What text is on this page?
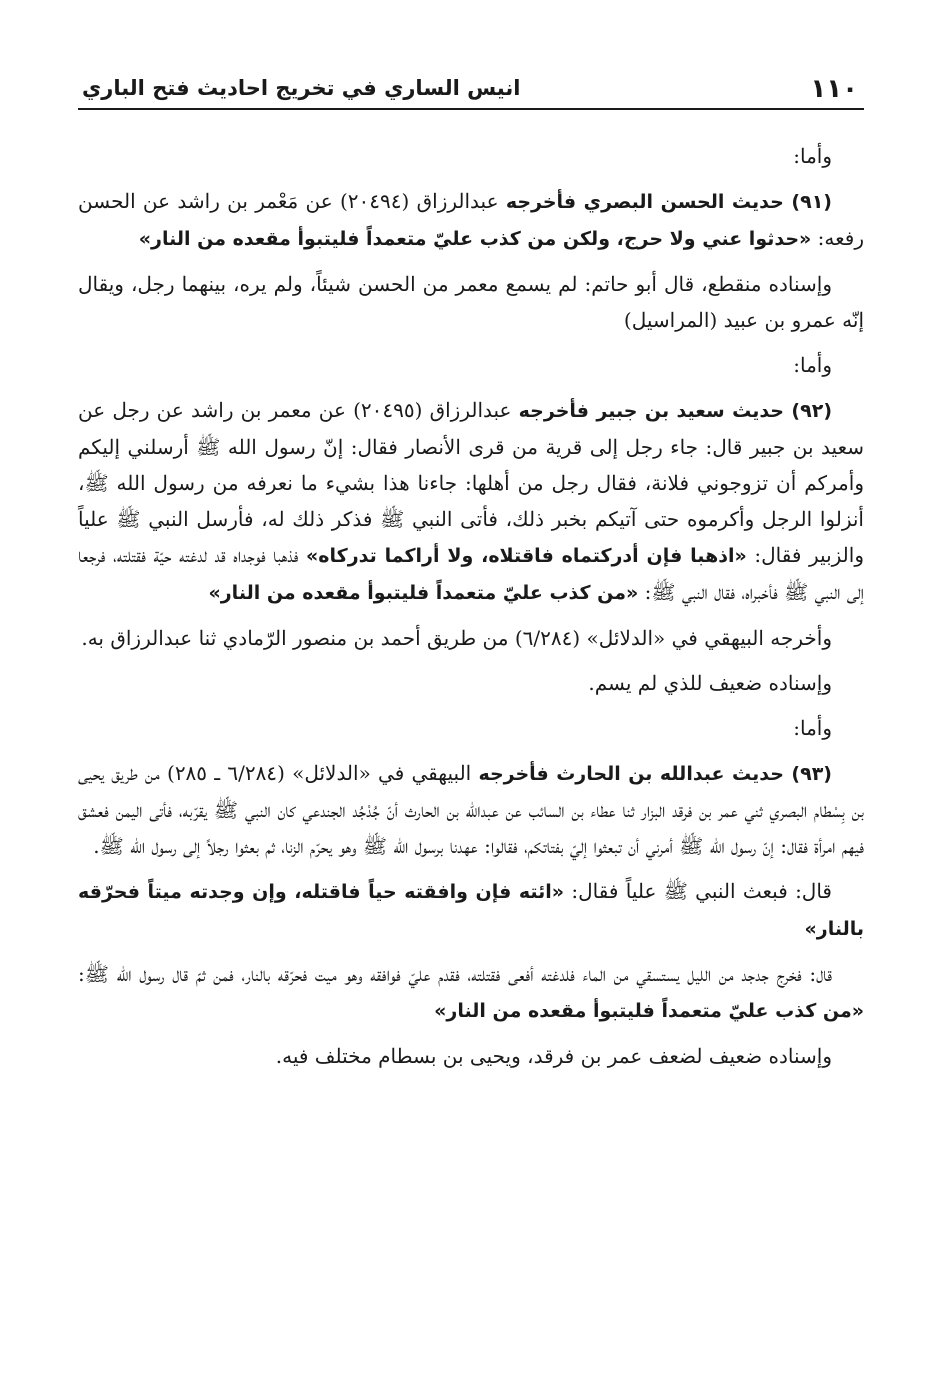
١١٠
انيس الساري في تخريج احاديث فتح الباري

وأما:

(٩١) حديث الحسن البصري فأخرجه عبدالرزاق (٢٠٤٩٤) عن مَعْمر بن راشد عن الحسن رفعه: «حدثوا عني ولا حرج، ولكن من كذب عليّ متعمداً فليتبوأ مقعده من النار»

وإسناده منقطع، قال أبو حاتم: لم يسمع معمر من الحسن شيئاً، ولم يره، بينهما رجل، ويقال إنّه عمرو بن عبيد (المراسيل)

وأما:

(٩٢) حديث سعيد بن جبير فأخرجه عبدالرزاق (٢٠٤٩٥) عن معمر بن راشد عن رجل عن سعيد بن جبير قال: جاء رجل إلى قرية من قرى الأنصار فقال: إنّ رسول الله ﷺ أرسلني إليكم وأمركم أن تزوجوني فلانة، فقال رجل من أهلها: جاءنا هذا بشيء ما نعرفه من رسول الله ﷺ، أنزلوا الرجل وأكرموه حتى آتيكم بخبر ذلك، فأتى النبي ﷺ فذكر ذلك له، فأرسل النبي ﷺ علياً والزبير فقال: «اذهبا فإن أدركتماه فاقتلاه، ولا أراكما تدركاه» فذهبا فوجداه قد لدغته حيّة فقتلته، فرجعا إلى النبي ﷺ فأخبراه، فقال النبي ﷺ: «من كذب عليّ متعمداً فليتبوأ مقعده من النار»

وأخرجه البيهقي في «الدلائل» (٦/٢٨٤) من طريق أحمد بن منصور الرّمادي ثنا عبدالرزاق به.

وإسناده ضعيف للذي لم يسم.

وأما:

(٩٣) حديث عبدالله بن الحارث فأخرجه البيهقي في «الدلائل» (٦/٢٨٤ ـ ٢٨٥) من طريق يحيى بن بِسْطام البصري ثني عمر بن فرقد البزار ثنا عطاء بن السائب عن عبدالله بن الحارث أنّ جُدْجُد الجندعي كان النبي ﷺ يقرّبه، فأتى اليمن فعشق فيهم امرأة فقال: إنّ رسول الله ﷺ أمرني أن تبعثوا إليّ بفتاتكم، فقالوا: عهدنا برسول الله ﷺ وهو يحرّم الزنا، ثم بعثوا رجلاً إلى رسول الله ﷺ.

قال: فبعث النبي ﷺ علياً فقال: «ائته فإن وافقته حياً فاقتله، وإن وجدته ميتاً فحرّقه بالنار»

قال: فخرج جدجد من الليل يستسقي من الماء فلدغته أفعى فقتلته، فقدم عليّ فوافقه وهو ميت فحرّقه بالنار، فمن ثمّ قال رسول الله ﷺ: «من كذب عليّ متعمداً فليتبوأ مقعده من النار»

وإسناده ضعيف لضعف عمر بن فرقد، ويحيى بن بسطام مختلف فيه.
